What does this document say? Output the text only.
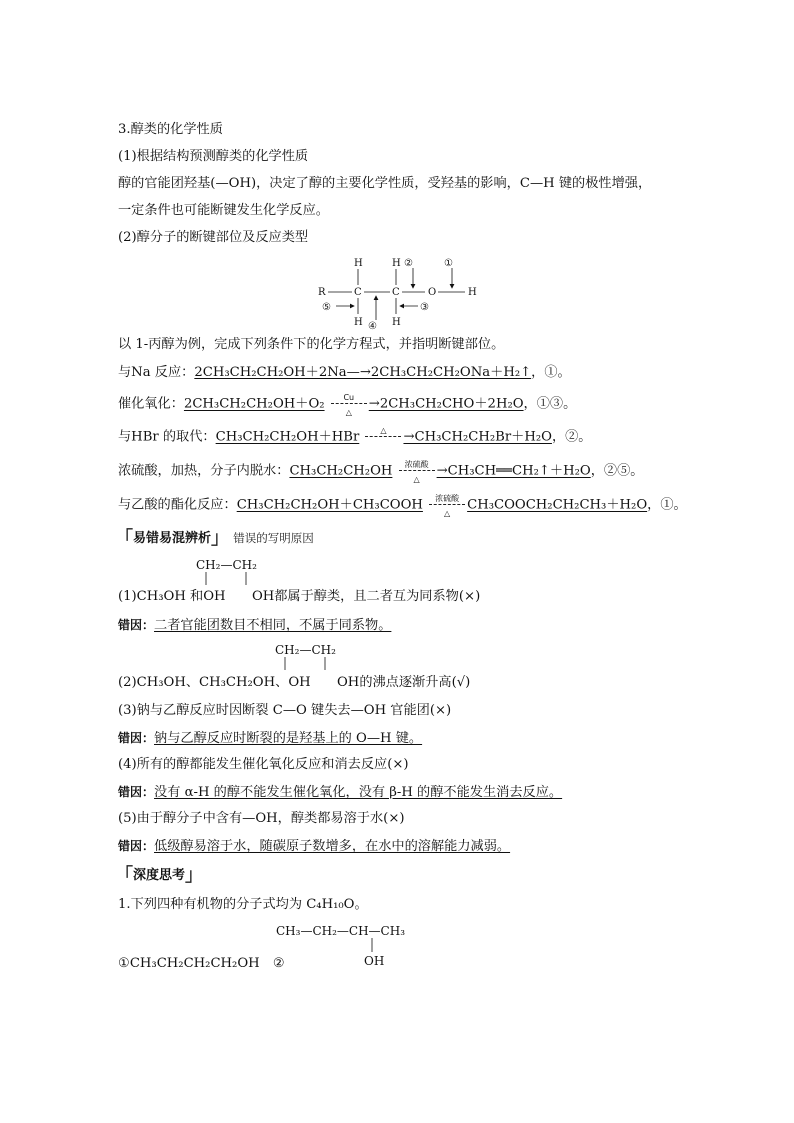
3.醇类的化学性质
(1)根据结构预测醇类的化学性质
醇的官能团羟基(—OH)，决定了醇的主要化学性质，受羟基的影响，C—H 键的极性增强，
一定条件也可能断键发生化学反应。
(2)醇分子的断键部位及反应类型
R	C	C	O	H
H
H
H
H
②	①
⑤
④
③
以 1-丙醇为例，完成下列条件下的化学方程式，并指明断键部位。
与Na 反应：2CH₃CH₂CH₂OH＋2Na—→2CH₃CH₂CH₂ONa＋H₂↑，①。
催化氧化：2CH₃CH₂CH₂OH＋O₂	Cu
△
→2CH₃CH₂CHO＋2H₂O，①③。
与HBr 的取代：CH₃CH₂CH₂OH＋HBr	△	→CH₃CH₂CH₂Br＋H₂O，②。
浓硫酸，加热，分子内脱水：CH₃CH₂CH₂OH	浓硫酸
△
→CH₃CH══CH₂↑＋H₂O，②⑤。
与乙酸的酯化反应：CH₃CH₂CH₂OH＋CH₃COOH	浓硫酸
△
CH₃COOCH₂CH₂CH₃＋H₂O，①。
「易错易混辨析」 错误的写明原因
CH₂—CH₂
(1)CH₃OH 和OH　　 OH都属于醇类，且二者互为同系物(×)
错因：二者官能团数目不相同，不属于同系物。
CH₂—CH₂
(2)CH₃OH、CH₃CH₂OH、OH　　 OH的沸点逐渐升高(√)
(3)钠与乙醇反应时因断裂 C—O 键失去—OH 官能团(×)
错因：钠与乙醇反应时断裂的是羟基上的 O—H 键。
(4)所有的醇都能发生催化氧化反应和消去反应(×)
错因：没有 α-H 的醇不能发生催化氧化，没有 β-H 的醇不能发生消去反应。
(5)由于醇分子中含有—OH，醇类都易溶于水(×)
错因：低级醇易溶于水，随碳原子数增多，在水中的溶解能力减弱。
「深度思考」
1.下列四种有机物的分子式均为 C₄H₁₀O。
CH₃—CH₂—CH—CH₃
OH
①CH₃CH₂CH₂CH₂OH　②
